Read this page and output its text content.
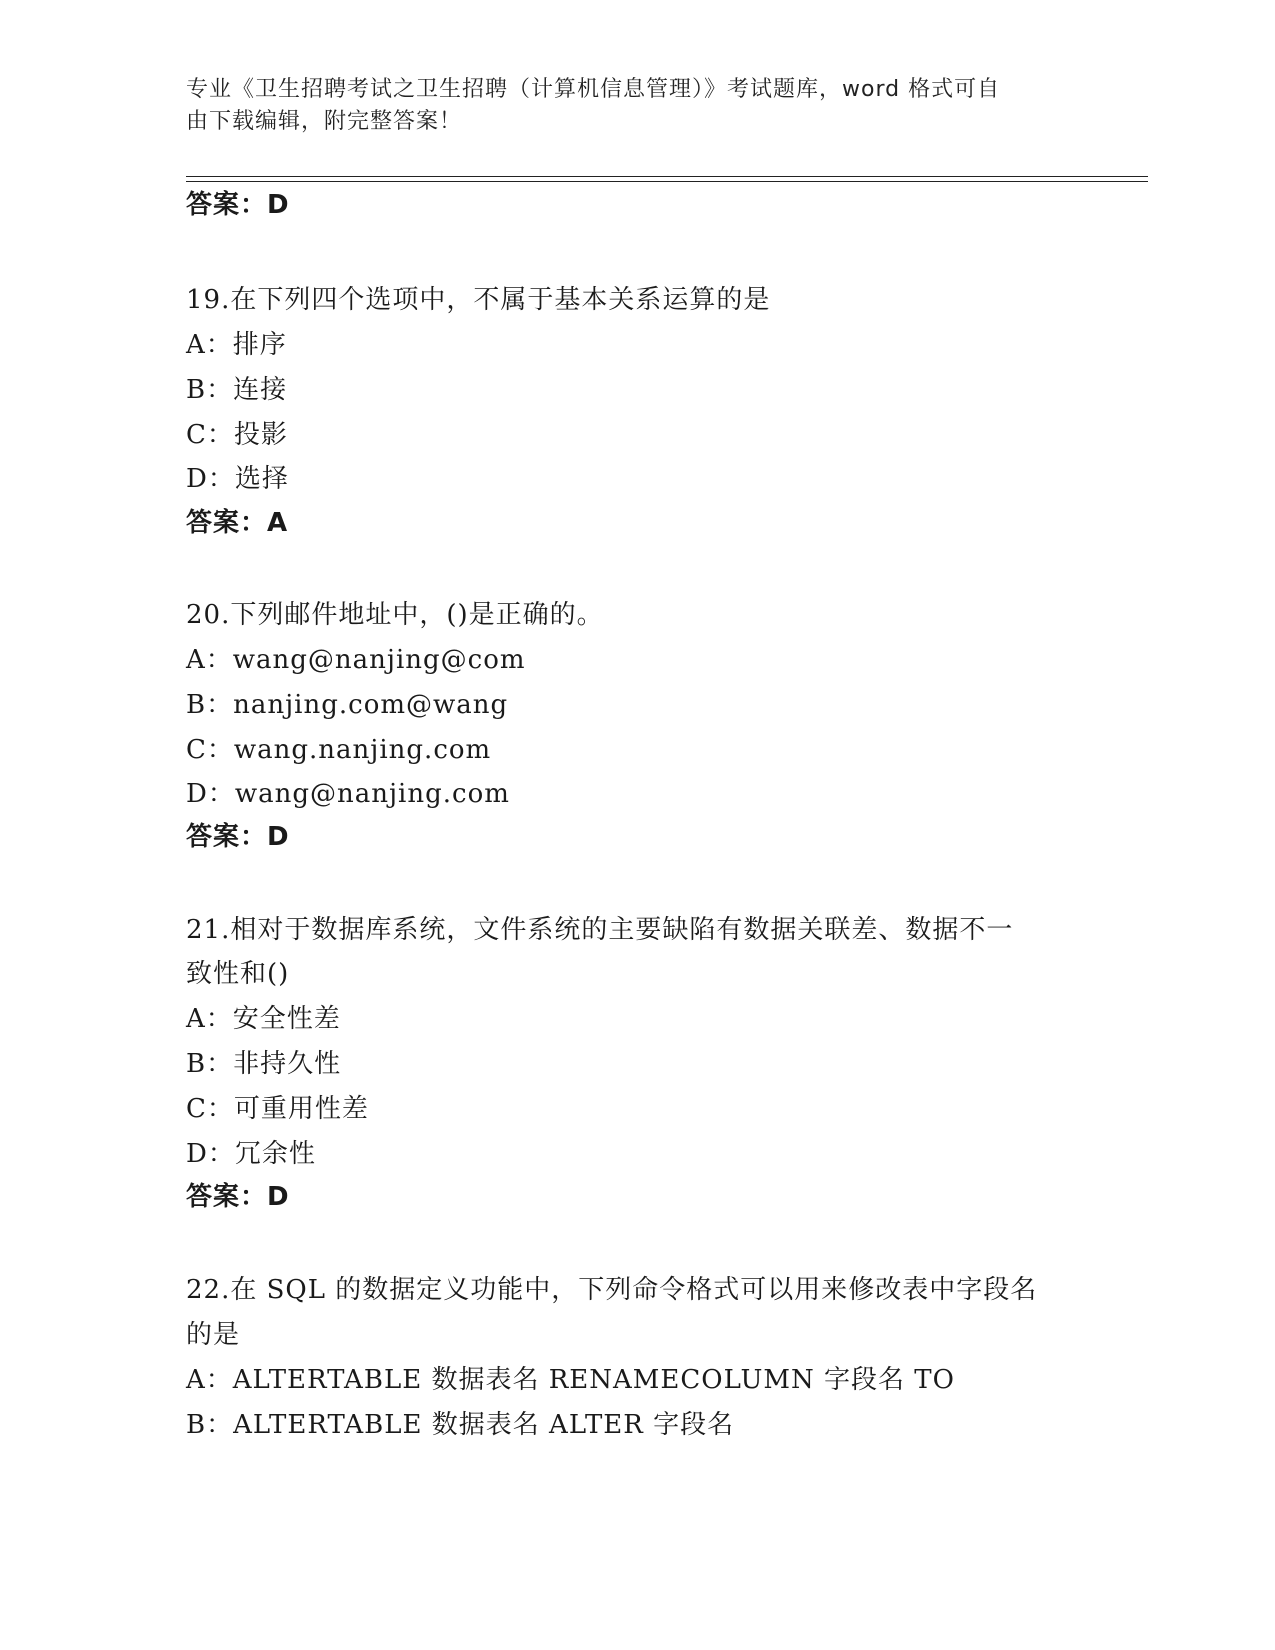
专业《卫生招聘考试之卫生招聘（计算机信息管理）》考试题库，word 格式可自
由下载编辑，附完整答案！
答案：D
19.在下列四个选项中，不属于基本关系运算的是
A：排序
B：连接
C：投影
D：选择
答案：A
20.下列邮件地址中，()是正确的。
A：wang@nanjing@com
B：nanjing.com@wang
C：wang.nanjing.com
D：wang@nanjing.com
答案：D
21.相对于数据库系统，文件系统的主要缺陷有数据关联差、数据不一
致性和()
A：安全性差
B：非持久性
C：可重用性差
D：冗余性
答案：D
22.在 SQL 的数据定义功能中，下列命令格式可以用来修改表中字段名
的是
A：ALTERTABLE 数据表名 RENAMECOLUMN 字段名 TO
B：ALTERTABLE 数据表名 ALTER 字段名
